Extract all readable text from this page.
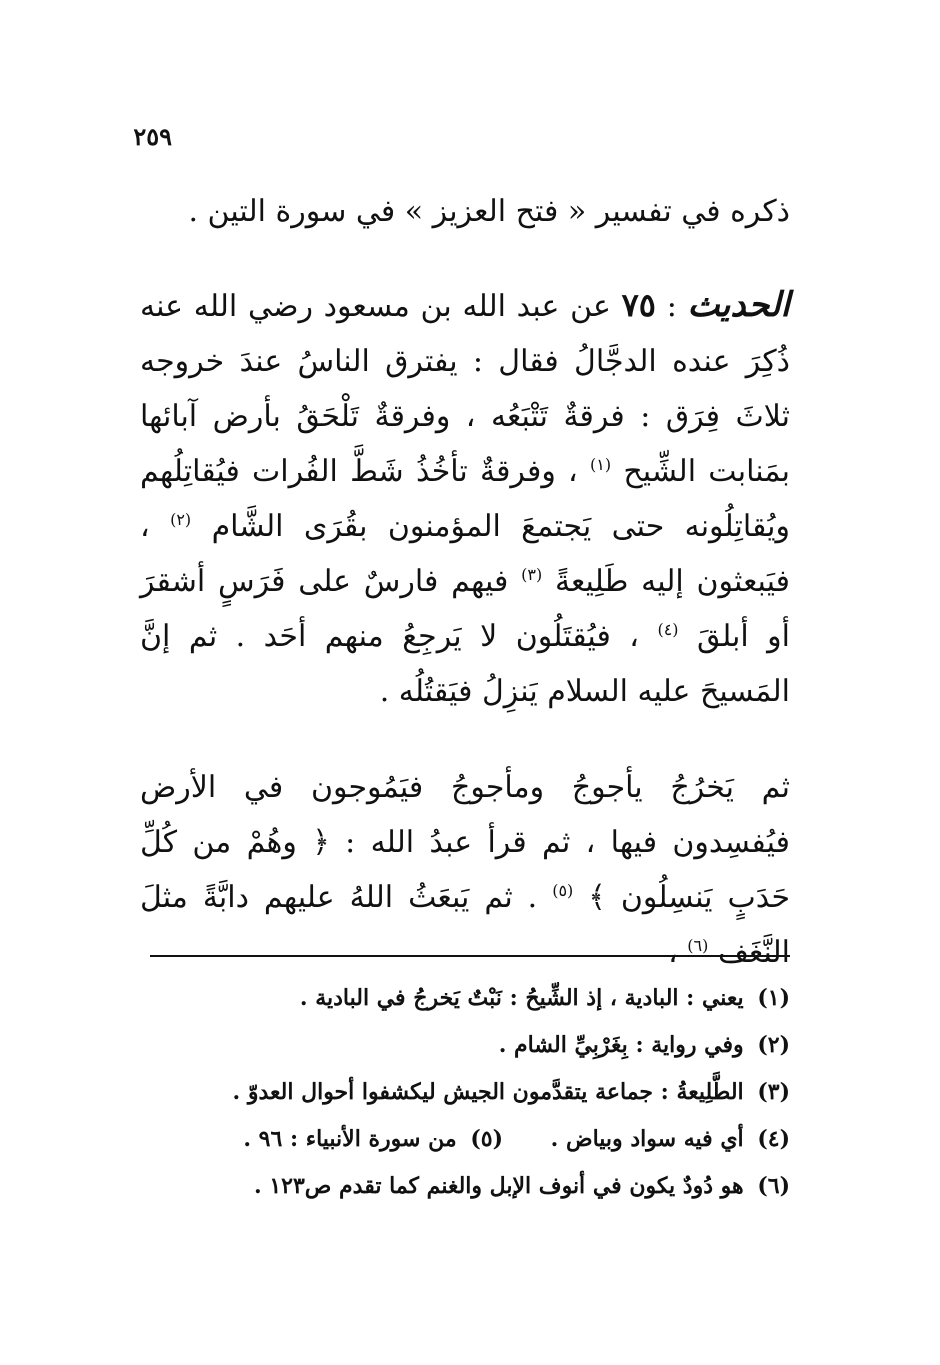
٢٥٩

ذكره في تفسير « فتح العزيز » في سورة التين .

الحديث : ٧٥ عن عبد الله بن مسعود رضي الله عنه ذُكِرَ عنده الدجَّالُ فقال : يفترق الناسُ عندَ خروجه ثلاثَ فِرَق : فرقةٌ تَتْبَعُه ، وفرقةٌ تَلْحَقُ بأرض آبائها بمَنابت الشِّيح $^{(١)}$ ، وفرقةٌ تأخُذُ شَطَّ الفُرات فيُقاتِلُهم ويُقاتِلُونه حتى يَجتمعَ المؤمنون بقُرَى الشَّام $^{(٢)}$ ، فيَبعثون إليه طَلِيعةً $^{(٣)}$ فيهم فارسٌ على فَرَسٍ أشقرَ أو أبلقَ $^{(٤)}$ ، فيُقتَلُون لا يَرجِعُ منهم أحَد . ثم إنَّ المَسيحَ عليه السلام يَنزِلُ فيَقتُلُه .

ثم يَخرُجُ يأجوجُ ومأجوجُ فيَمُوجون في الأرض فيُفسِدون فيها ، ثم قرأ عبدُ الله : ﴿ وهُمْ من كُلِّ حَدَبٍ يَنسِلُون ﴾ $^{(٥)}$ . ثم يَبعَثُ اللهُ عليهم دابَّةً مثلَ النَّغَف $^{(٦)}$ ،

(١) يعني : البادية ، إذ الشِّيحُ : نَبْتٌ يَخرجُ في البادية .
(٢) وفي رواية : بِغَرْبِيِّ الشام .
(٣) الطَّلِيعةُ : جماعة يتقدَّمون الجيش ليكشفوا أحوال العدوّ .
(٤) أي فيه سواد وبياض . (٥) من سورة الأنبياء : ٩٦ .
(٦) هو دُودٌ يكون في أنوف الإبل والغنم كما تقدم ص١٢٣ .
